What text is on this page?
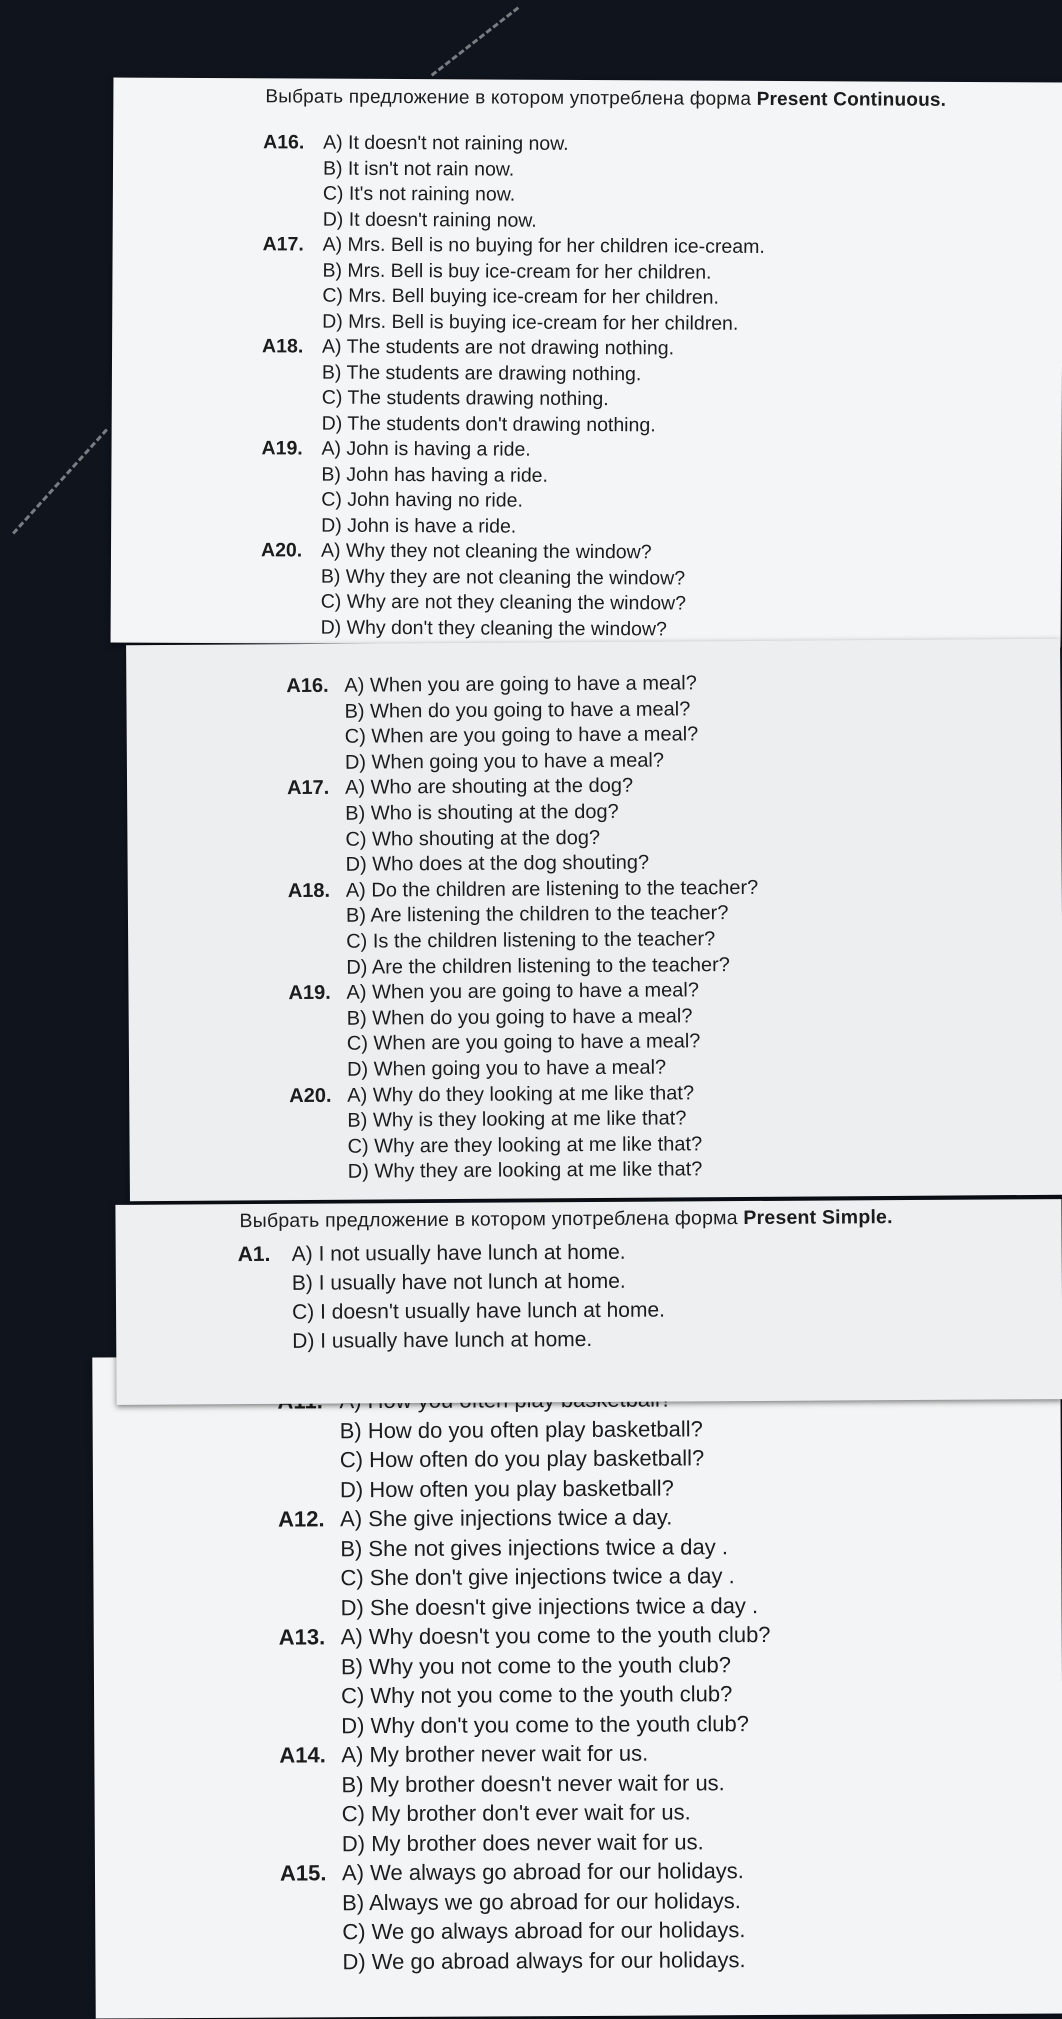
Выбрать предложение в котором употреблена форма Present Continuous.
A16. A) It doesn't not raining now.
B) It isn't not rain now.
C) It's not raining now.
D) It doesn't raining now.
A17. A) Mrs. Bell is no buying for her children ice-cream.
B) Mrs. Bell is buy ice-cream for her children.
C) Mrs. Bell buying ice-cream for her children.
D) Mrs. Bell is buying ice-cream for her children.
A18. A) The students are not drawing nothing.
B) The students are drawing nothing.
C) The students drawing nothing.
D) The students don't drawing nothing.
A19. A) John is having a ride.
B) John has having a ride.
C) John having no ride.
D) John is have a ride.
A20. A) Why they not cleaning the window?
B) Why they are not cleaning the window?
C) Why are not they cleaning the window?
D) Why don't they cleaning the window?
A16. A) When you are going to have a meal?
B) When do you going to have a meal?
C) When are you going to have a meal?
D) When going you to have a meal?
A17. A) Who are shouting at the dog?
B) Who is shouting at the dog?
C) Who shouting at the dog?
D) Who does at the dog shouting?
A18. A) Do the children are listening to the teacher?
B) Are listening the children to the teacher?
C) Is the children listening to the teacher?
D) Are the children listening to the teacher?
A19. A) When you are going to have a meal?
B) When do you going to have a meal?
C) When are you going to have a meal?
D) When going you to have a meal?
A20. A) Why do they looking at me like that?
B) Why is they looking at me like that?
C) Why are they looking at me like that?
D) Why they are looking at me like that?
B) How do you often play basketball?
C) How often do you play basketball?
D) How often you play basketball?
A12. A) She give injections twice a day.
B) She not gives injections twice a day .
C) She don't give injections twice a day .
D) She doesn't give injections twice a day .
A13. A) Why doesn't you come to the youth club?
B) Why you not come to the youth club?
C) Why not you come to the youth club?
D) Why don't you come to the youth club?
A14. A) My brother never wait for us.
B) My brother doesn't never wait for us.
C) My brother don't ever wait for us.
D) My brother does never wait for us.
A15. A) We always go abroad for our holidays.
B) Always we go abroad for our holidays.
C) We go always abroad for our holidays.
D) We go abroad always for our holidays.
Выбрать предложение в котором употреблена форма Present Simple.
A1. A) I not usually have lunch at home.
B) I usually have not lunch at home.
C) I doesn't usually have lunch at home.
D) I usually have lunch at home.
